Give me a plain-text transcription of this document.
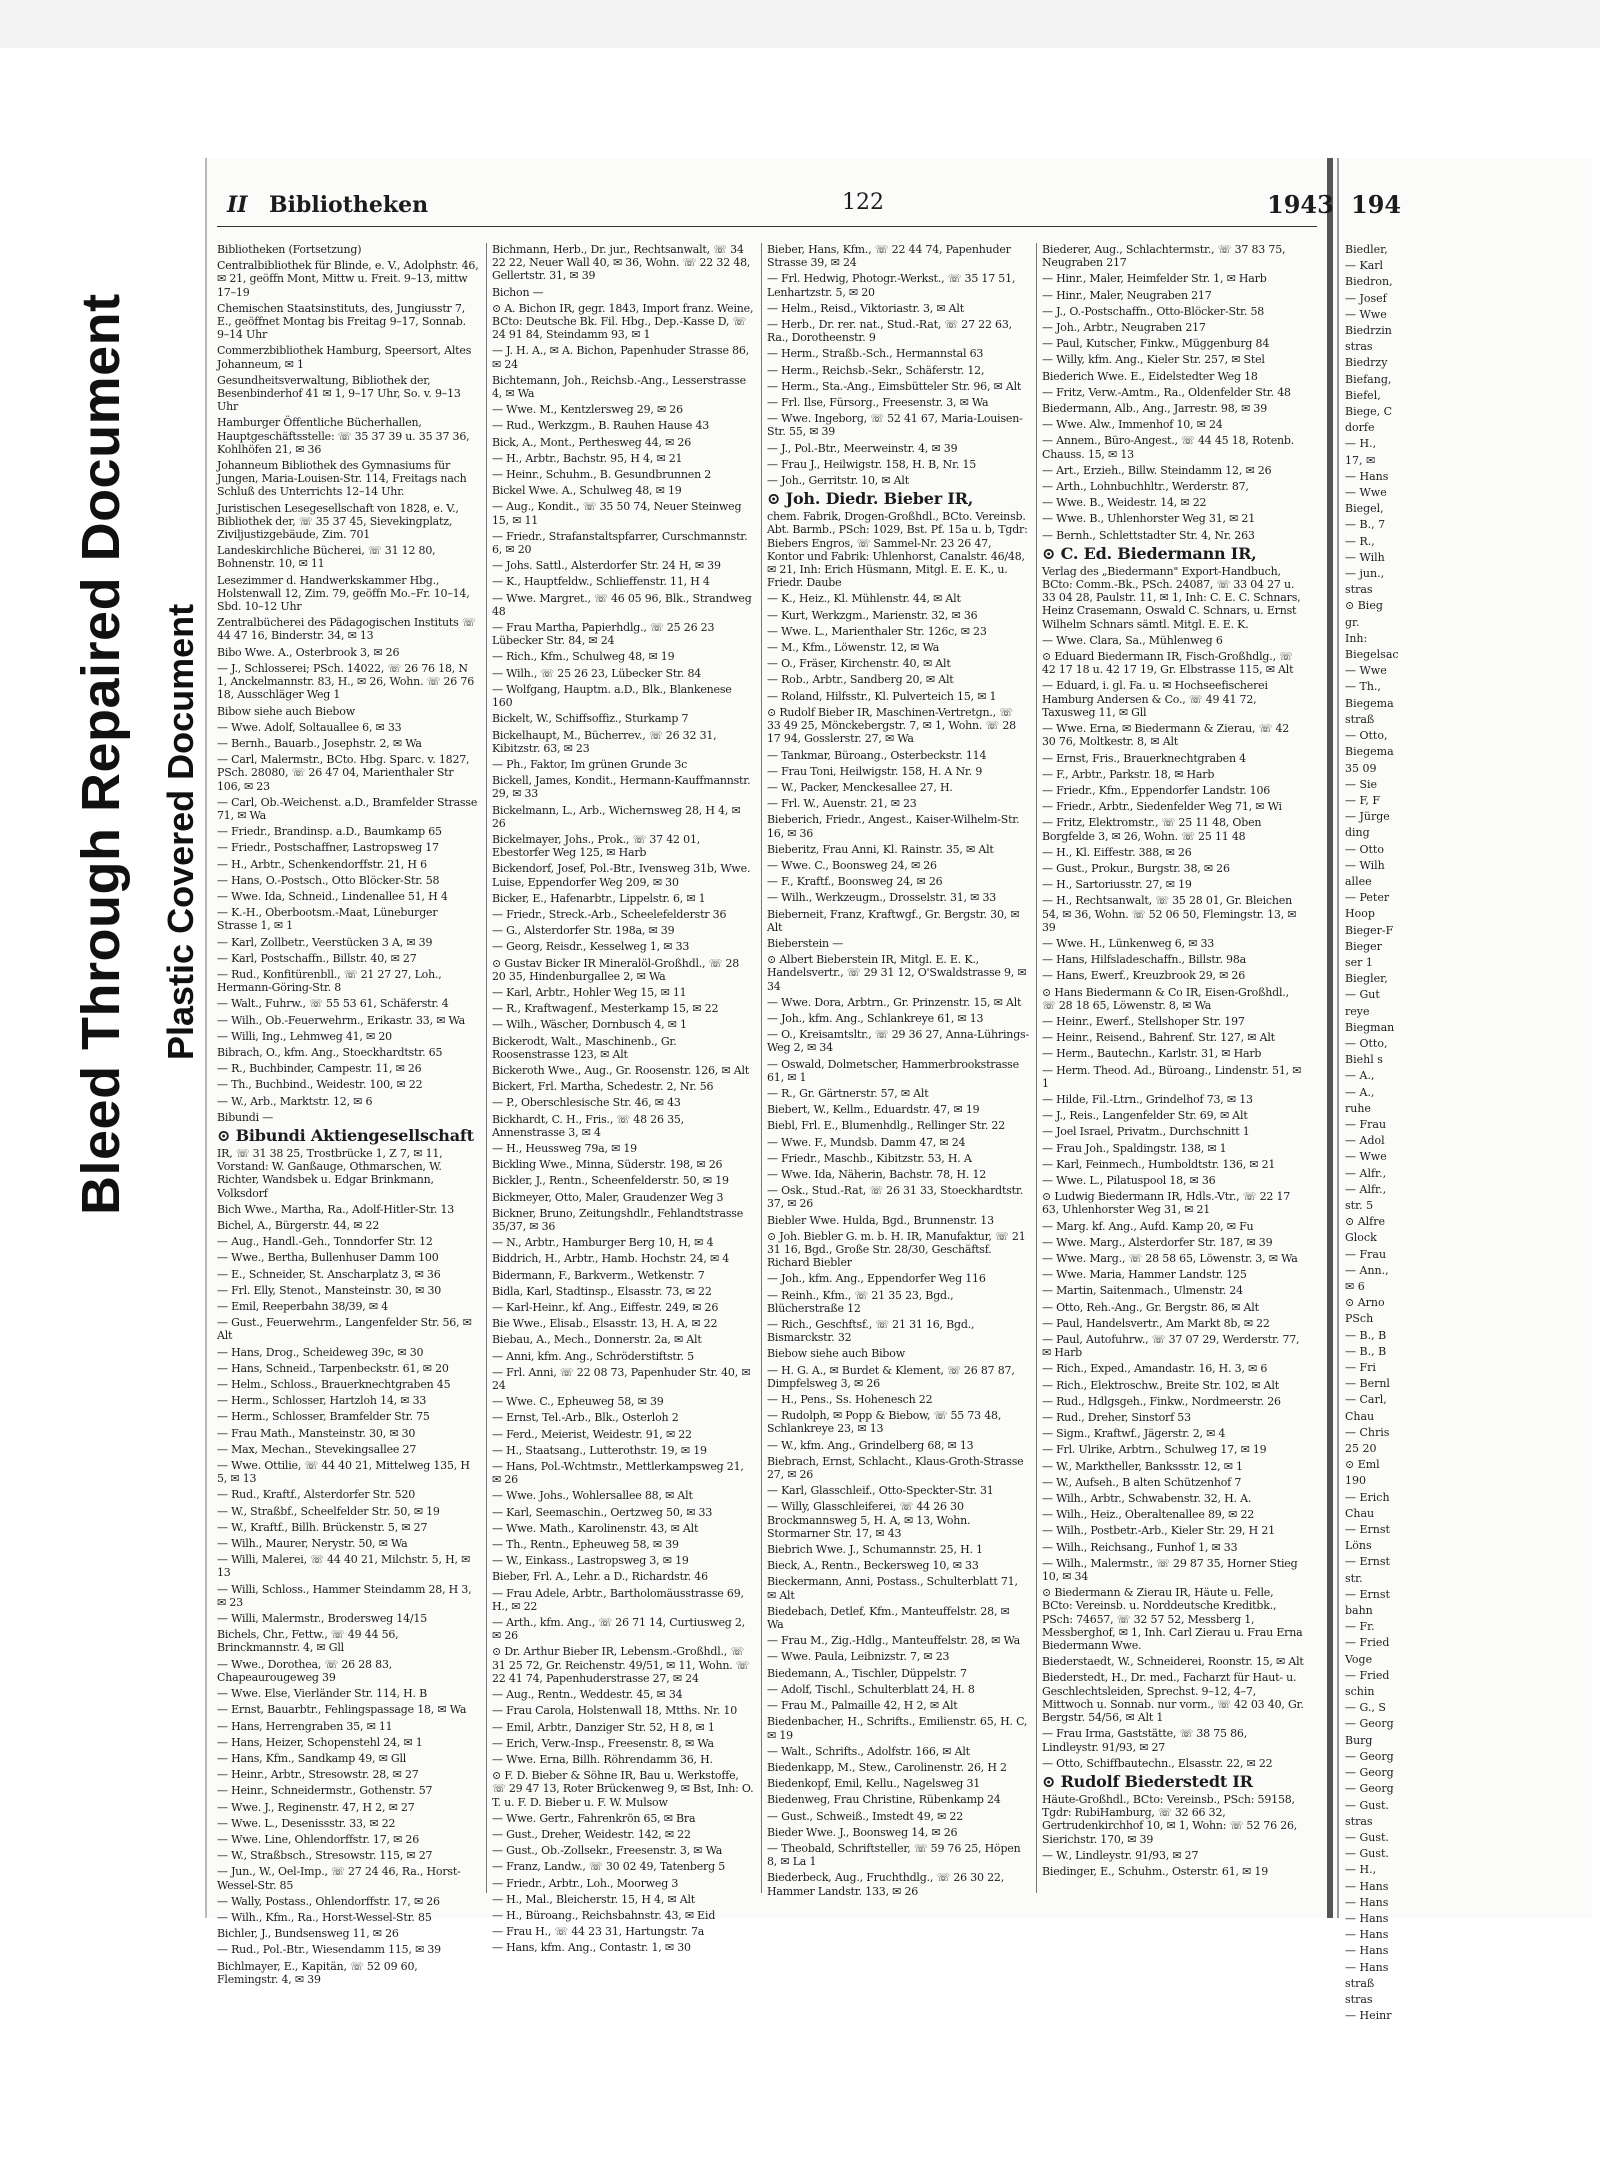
Bleed Through Repaired Document Plastic Covered Document
II Bibliotheken	122	1943
Bibliotheken (Fortsetzung)
Centralbibliothek für Blinde, e. V., Adolphstr. 46, ✉ 21, geöffn Mont, Mittw u. Freit. 9–13, mittw 17–19
Chemischen Staatsinstituts, des, Jungiusstr 7, E., geöffnet Montag bis Freitag 9–17, Sonnab. 9–14 Uhr
Commerzbibliothek Hamburg, Speersort, Altes Johanneum, ✉ 1
Gesundheitsverwaltung, Bibliothek der, Besenbinderhof 41 ✉ 1, 9–17 Uhr, So. v. 9–13 Uhr
Hamburger Öffentliche Bücherhallen, Hauptgeschäftsstelle: ☏ 35 37 39 u. 35 37 36, Kohlhöfen 21, ✉ 36
Johanneum Bibliothek des Gymnasiums für Jungen, Maria-Louisen-Str. 114, Freitags nach Schluß des Unterrichts 12–14 Uhr.
Juristischen Lesegesellschaft von 1828, e. V., Bibliothek der, ☏ 35 37 45, Sievekingplatz, Ziviljustizgebäude, Zim. 701
Landeskirchliche Bücherei, ☏ 31 12 80, Bohnenstr. 10, ✉ 11
Lesezimmer d. Handwerkskammer Hbg., Holstenwall 12, Zim. 79, geöffn Mo.–Fr. 10–14, Sbd. 10–12 Uhr
Zentralbücherei des Pädagogischen Instituts ☏ 44 47 16, Binderstr. 34, ✉ 13
Bibo Wwe. A., Osterbrook 3, ✉ 26
— J., Schlosserei; PSch. 14022, ☏ 26 76 18, N 1, Anckelmannstr. 83, H., ✉ 26, Wohn. ☏ 26 76 18, Ausschläger Weg 1
Bibow siehe auch Biebow
— Wwe. Adolf, Soltauallee 6, ✉ 33
— Bernh., Bauarb., Josephstr. 2, ✉ Wa
— Carl, Malermstr., BCto. Hbg. Sparc. v. 1827, PSch. 28080, ☏ 26 47 04, Marienthaler Str 106, ✉ 23
— Carl, Ob.-Weichenst. a.D., Bramfelder Strasse 71, ✉ Wa
— Friedr., Brandinsp. a.D., Baumkamp 65
— Friedr., Postschaffner, Lastropsweg 17
— H., Arbtr., Schenkendorffstr. 21, H 6
— Hans, O.-Postsch., Otto Blöcker-Str. 58
— Wwe. Ida, Schneid., Lindenallee 51, H 4
— K.-H., Oberbootsm.-Maat, Lüneburger Strasse 1, ✉ 1
— Karl, Zollbetr., Veerstücken 3 A, ✉ 39
— Karl, Postschaffn., Billstr. 40, ✉ 27
— Rud., Konfitürenbll., ☏ 21 27 27, Loh., Hermann-Göring-Str. 8
— Walt., Fuhrw., ☏ 55 53 61, Schäferstr. 4
— Wilh., Ob.-Feuerwehrm., Erikastr. 33, ✉ Wa
— Willi, Ing., Lehmweg 41, ✉ 20
Bibrach, O., kfm. Ang., Stoeckhardtstr. 65
— R., Buchbinder, Campestr. 11, ✉ 26
— Th., Buchbind., Weidestr. 100, ✉ 22
— W., Arb., Marktstr. 12, ✉ 6
Bibundi —
⊙ Bibundi Aktiengesellschaft
IR, ☏ 31 38 25, Trostbrücke 1, Z 7, ✉ 11, Vorstand: W. Ganßauge, Othmarschen, W. Richter, Wandsbek u. Edgar Brinkmann, Volksdorf
Bich Wwe., Martha, Ra., Adolf-Hitler-Str. 13
Bichel, A., Bürgerstr. 44, ✉ 22
— Aug., Handl.-Geh., Tonndorfer Str. 12
— Wwe., Bertha, Bullenhuser Damm 100
— E., Schneider, St. Anscharplatz 3, ✉ 36
— Frl. Elly, Stenot., Mansteinstr. 30, ✉ 30
— Emil, Reeperbahn 38/39, ✉ 4
— Gust., Feuerwehrm., Langenfelder Str. 56, ✉ Alt
— Hans, Drog., Scheideweg 39c, ✉ 30
— Hans, Schneid., Tarpenbeckstr. 61, ✉ 20
— Helm., Schloss., Brauerknechtgraben 45
— Herm., Schlosser, Hartzloh 14, ✉ 33
— Herm., Schlosser, Bramfelder Str. 75
— Frau Math., Mansteinstr. 30, ✉ 30
— Max, Mechan., Stevekingsallee 27
— Wwe. Ottilie, ☏ 44 40 21, Mittelweg 135, H 5, ✉ 13
— Rud., Kraftf., Alsterdorfer Str. 520
— W., Straßbf., Scheelfelder Str. 50, ✉ 19
— W., Kraftf., Billh. Brückenstr. 5, ✉ 27
— Wilh., Maurer, Nerystr. 50, ✉ Wa
— Willi, Malerei, ☏ 44 40 21, Milchstr. 5, H, ✉ 13
— Willi, Schloss., Hammer Steindamm 28, H 3, ✉ 23
— Willi, Malermstr., Brodersweg 14/15
Bichels, Chr., Fettw., ☏ 49 44 56, Brinckmannstr. 4, ✉ Gll
— Wwe., Dorothea, ☏ 26 28 83, Chapeaurougeweg 39
— Wwe. Else, Vierländer Str. 114, H. B
— Ernst, Bauarbtr., Fehlingspassage 18, ✉ Wa
— Hans, Herrengraben 35, ✉ 11
— Hans, Heizer, Schopenstehl 24, ✉ 1
— Hans, Kfm., Sandkamp 49, ✉ Gll
— Heinr., Arbtr., Stresowstr. 28, ✉ 27
— Heinr., Schneidermstr., Gothenstr. 57
— Wwe. J., Reginenstr. 47, H 2, ✉ 27
— Wwe. L., Desenissstr. 33, ✉ 22
— Wwe. Line, Ohlendorffstr. 17, ✉ 26
— W., Straßbsch., Stresowstr. 115, ✉ 27
— Jun., W., Oel-Imp., ☏ 27 24 46, Ra., Horst-Wessel-Str. 85
— Wally, Postass., Ohlendorffstr. 17, ✉ 26
— Wilh., Kfm., Ra., Horst-Wessel-Str. 85
Bichler, J., Bundsensweg 11, ✉ 26
— Rud., Pol.-Btr., Wiesendamm 115, ✉ 39
Bichlmayer, E., Kapitän, ☏ 52 09 60, Flemingstr. 4, ✉ 39
Bichmann, Herb., Dr. jur., Rechtsanwalt, ☏ 34 22 22, Neuer Wall 40, ✉ 36, Wohn. ☏ 22 32 48, Gellertstr. 31, ✉ 39
Bichon —
⊙ A. Bichon IR, gegr. 1843, Import franz. Weine, BCto: Deutsche Bk. Fil. Hbg., Dep.-Kasse D, ☏ 24 91 84, Steindamm 93, ✉ 1
— J. H. A., ✉ A. Bichon, Papenhuder Strasse 86, ✉ 24
Bichtemann, Joh., Reichsb.-Ang., Lesserstrasse 4, ✉ Wa
— Wwe. M., Kentzlersweg 29, ✉ 26
— Rud., Werkzgm., B. Rauhen Hause 43
Bick, A., Mont., Perthesweg 44, ✉ 26
— H., Arbtr., Bachstr. 95, H 4, ✉ 21
— Heinr., Schuhm., B. Gesundbrunnen 2
Bickel Wwe. A., Schulweg 48, ✉ 19
— Aug., Kondit., ☏ 35 50 74, Neuer Steinweg 15, ✉ 11
— Friedr., Strafanstaltspfarrer, Curschmannstr. 6, ✉ 20
— Johs. Sattl., Alsterdorfer Str. 24 H, ✉ 39
— K., Hauptfeldw., Schlieffenstr. 11, H 4
— Wwe. Margret., ☏ 46 05 96, Blk., Strandweg 48
— Frau Martha, Papierhdlg., ☏ 25 26 23 Lübecker Str. 84, ✉ 24
— Rich., Kfm., Schulweg 48, ✉ 19
— Wilh., ☏ 25 26 23, Lübecker Str. 84
— Wolfgang, Hauptm. a.D., Blk., Blankenese 160
Bickelt, W., Schiffsoffiz., Sturkamp 7
Bickelhaupt, M., Bücherrev., ☏ 26 32 31, Kibitzstr. 63, ✉ 23
— Ph., Faktor, Im grünen Grunde 3c
Bickell, James, Kondit., Hermann-Kauffmannstr. 29, ✉ 33
Bickelmann, L., Arb., Wichernsweg 28, H 4, ✉ 26
Bickelmayer, Johs., Prok., ☏ 37 42 01, Ebestorfer Weg 125, ✉ Harb
Bickendorf, Josef, Pol.-Btr., Ivensweg 31b, Wwe. Luise, Eppendorfer Weg 209, ✉ 30
Bicker, E., Hafenarbtr., Lippelstr. 6, ✉ 1
— Friedr., Streck.-Arb., Scheelefelderstr 36
— G., Alsterdorfer Str. 198a, ✉ 39
— Georg, Reisdr., Kesselweg 1, ✉ 33
⊙ Gustav Bicker IR Mineralöl-Großhdl., ☏ 28 20 35, Hindenburgallee 2, ✉ Wa
— Karl, Arbtr., Hohler Weg 15, ✉ 11
— R., Kraftwagenf., Mesterkamp 15, ✉ 22
— Wilh., Wäscher, Dornbusch 4, ✉ 1
Bickerodt, Walt., Maschinenb., Gr. Roosenstrasse 123, ✉ Alt
Bickeroth Wwe., Aug., Gr. Roosenstr. 126, ✉ Alt
Bickert, Frl. Martha, Schedestr. 2, Nr. 56
— P., Oberschlesische Str. 46, ✉ 43
Bickhardt, C. H., Fris., ☏ 48 26 35, Annenstrasse 3, ✉ 4
— H., Heussweg 79a, ✉ 19
Bickling Wwe., Minna, Süderstr. 198, ✉ 26
Bickler, J., Rentn., Scheenfelderstr. 50, ✉ 19
Bickmeyer, Otto, Maler, Graudenzer Weg 3
Bickner, Bruno, Zeitungshdlr., Fehlandtstrasse 35/37, ✉ 36
— N., Arbtr., Hamburger Berg 10, H, ✉ 4
Biddrich, H., Arbtr., Hamb. Hochstr. 24, ✉ 4
Bidermann, F., Barkverm., Wetkenstr. 7
Bidla, Karl, Stadtinsp., Elsasstr. 73, ✉ 22
— Karl-Heinr., kf. Ang., Eiffestr. 249, ✉ 26
Bie Wwe., Elisab., Elsasstr. 13, H. A, ✉ 22
Biebau, A., Mech., Donnerstr. 2a, ✉ Alt
— Anni, kfm. Ang., Schröderstiftstr. 5
— Frl. Anni, ☏ 22 08 73, Papenhuder Str. 40, ✉ 24
— Wwe. C., Epheuweg 58, ✉ 39
— Ernst, Tel.-Arb., Blk., Osterloh 2
— Ferd., Meierist, Weidestr. 91, ✉ 22
— H., Staatsang., Lutterothstr. 19, ✉ 19
— Hans, Pol.-Wchtmstr., Mettlerkampsweg 21, ✉ 26
— Wwe. Johs., Wohlersallee 88, ✉ Alt
— Karl, Seemaschin., Oertzweg 50, ✉ 33
— Wwe. Math., Karolinenstr. 43, ✉ Alt
— Th., Rentn., Epheuweg 58, ✉ 39
— W., Einkass., Lastropsweg 3, ✉ 19
Bieber, Frl. A., Lehr. a D., Richardstr. 46
— Frau Adele, Arbtr., Bartholomäusstrasse 69, H., ✉ 22
— Arth., kfm. Ang., ☏ 26 71 14, Curtiusweg 2, ✉ 26
⊙ Dr. Arthur Bieber IR, Lebensm.-Großhdl., ☏ 31 25 72, Gr. Reichenstr. 49/51, ✉ 11, Wohn. ☏ 22 41 74, Papenhuderstrasse 27, ✉ 24
— Aug., Rentn., Weddestr. 45, ✉ 34
— Frau Carola, Holstenwall 18, Mtths. Nr. 10
— Emil, Arbtr., Danziger Str. 52, H 8, ✉ 1
— Erich, Verw.-Insp., Freesenstr. 8, ✉ Wa
— Wwe. Erna, Billh. Röhrendamm 36, H.
⊙ F. D. Bieber & Söhne IR, Bau u. Werkstoffe, ☏ 29 47 13, Roter Brückenweg 9, ✉ Bst, Inh: O. T. u. F. D. Bieber u. F. W. Mulsow
— Wwe. Gertr., Fahrenkrön 65, ✉ Bra
— Gust., Dreher, Weidestr. 142, ✉ 22
— Gust., Ob.-Zollsekr., Freesenstr. 3, ✉ Wa
— Franz, Landw., ☏ 30 02 49, Tatenberg 5
— Friedr., Arbtr., Loh., Moorweg 3
— H., Mal., Bleicherstr. 15, H 4, ✉ Alt
— H., Büroang., Reichsbahnstr. 43, ✉ Eid
— Frau H., ☏ 44 23 31, Hartungstr. 7a
— Hans, kfm. Ang., Contastr. 1, ✉ 30
Bieber, Hans, Kfm., ☏ 22 44 74, Papenhuder Strasse 39, ✉ 24
— Frl. Hedwig, Photogr.-Werkst., ☏ 35 17 51, Lenhartzstr. 5, ✉ 20
— Helm., Reisd., Viktoriastr. 3, ✉ Alt
— Herb., Dr. rer. nat., Stud.-Rat, ☏ 27 22 63, Ra., Dorotheenstr. 9
— Herm., Straßb.-Sch., Hermannstal 63
— Herm., Reichsb.-Sekr., Schäferstr. 12,
— Herm., Sta.-Ang., Eimsbütteler Str. 96, ✉ Alt
— Frl. Ilse, Fürsorg., Freesenstr. 3, ✉ Wa
— Wwe. Ingeborg, ☏ 52 41 67, Maria-Louisen-Str. 55, ✉ 39
— J., Pol.-Btr., Meerweinstr. 4, ✉ 39
— Frau J., Heilwigstr. 158, H. B, Nr. 15
— Joh., Gerritstr. 10, ✉ Alt
⊙ Joh. Diedr. Bieber IR,
chem. Fabrik, Drogen-Großhdl., BCto. Vereinsb. Abt. Barmb., PSch: 1029, Bst. Pf. 15a u. b, Tgdr: Biebers Engros, ☏ Sammel-Nr. 23 26 47, Kontor und Fabrik: Uhlenhorst, Canalstr. 46/48, ✉ 21, Inh: Erich Hüsmann, Mitgl. E. E. K., u. Friedr. Daube
— K., Heiz., Kl. Mühlenstr. 44, ✉ Alt
— Kurt, Werkzgm., Marienstr. 32, ✉ 36
— Wwe. L., Marienthaler Str. 126c, ✉ 23
— M., Kfm., Löwenstr. 12, ✉ Wa
— O., Fräser, Kirchenstr. 40, ✉ Alt
— Rob., Arbtr., Sandberg 20, ✉ Alt
— Roland, Hilfsstr., Kl. Pulverteich 15, ✉ 1
⊙ Rudolf Bieber IR, Maschinen-Vertretgn., ☏ 33 49 25, Mönckebergstr. 7, ✉ 1, Wohn. ☏ 28 17 94, Gosslerstr. 27, ✉ Wa
— Tankmar, Büroang., Osterbeckstr. 114
— Frau Toni, Heilwigstr. 158, H. A Nr. 9
— W., Packer, Menckesallee 27, H.
— Frl. W., Auenstr. 21, ✉ 23
Bieberich, Friedr., Angest., Kaiser-Wilhelm-Str. 16, ✉ 36
Bieberitz, Frau Anni, Kl. Rainstr. 35, ✉ Alt
— Wwe. C., Boonsweg 24, ✉ 26
— F., Kraftf., Boonsweg 24, ✉ 26
— Wilh., Werkzeugm., Drosselstr. 31, ✉ 33
Bieberneit, Franz, Kraftwgf., Gr. Bergstr. 30, ✉ Alt
Bieberstein —
⊙ Albert Bieberstein IR, Mitgl. E. E. K., Handelsvertr., ☏ 29 31 12, O'Swaldstrasse 9, ✉ 34
— Wwe. Dora, Arbtrn., Gr. Prinzenstr. 15, ✉ Alt
— Joh., kfm. Ang., Schlankreye 61, ✉ 13
— O., Kreisamtsltr., ☏ 29 36 27, Anna-Lührings-Weg 2, ✉ 34
— Oswald, Dolmetscher, Hammerbrookstrasse 61, ✉ 1
— R., Gr. Gärtnerstr. 57, ✉ Alt
Biebert, W., Kellm., Eduardstr. 47, ✉ 19
Biebl, Frl. E., Blumenhdlg., Rellinger Str. 22
— Wwe. F., Mundsb. Damm 47, ✉ 24
— Friedr., Maschb., Kibitzstr. 53, H. A
— Wwe. Ida, Näherin, Bachstr. 78, H. 12
— Osk., Stud.-Rat, ☏ 26 31 33, Stoeckhardtstr. 37, ✉ 26
Biebler Wwe. Hulda, Bgd., Brunnenstr. 13
⊙ Joh. Biebler G. m. b. H. IR, Manufaktur, ☏ 21 31 16, Bgd., Große Str. 28/30, Geschäftsf. Richard Biebler
— Joh., kfm. Ang., Eppendorfer Weg 116
— Reinh., Kfm., ☏ 21 35 23, Bgd., Blücherstraße 12
— Rich., Geschftsf., ☏ 21 31 16, Bgd., Bismarckstr. 32
Biebow siehe auch Bibow
— H. G. A., ✉ Burdet & Klement, ☏ 26 87 87, Dimpfelsweg 3, ✉ 26
— H., Pens., Ss. Hohenesch 22
— Rudolph, ✉ Popp & Biebow, ☏ 55 73 48, Schlankreye 23, ✉ 13
— W., kfm. Ang., Grindelberg 68, ✉ 13
Biebrach, Ernst, Schlacht., Klaus-Groth-Strasse 27, ✉ 26
— Karl, Glasschleif., Otto-Speckter-Str. 31
— Willy, Glasschleiferei, ☏ 44 26 30 Brockmannsweg 5, H. A, ✉ 13, Wohn. Stormarner Str. 17, ✉ 43
Biebrich Wwe. J., Schumannstr. 25, H. 1
Bieck, A., Rentn., Beckersweg 10, ✉ 33
Bieckermann, Anni, Postass., Schulterblatt 71, ✉ Alt
Biedebach, Detlef, Kfm., Manteuffelstr. 28, ✉ Wa
— Frau M., Zig.-Hdlg., Manteuffelstr. 28, ✉ Wa
— Wwe. Paula, Leibnizstr. 7, ✉ 23
Biedemann, A., Tischler, Düppelstr. 7
— Adolf, Tischl., Schulterblatt 24, H. 8
— Frau M., Palmaille 42, H 2, ✉ Alt
Biedenbacher, H., Schrifts., Emilienstr. 65, H. C, ✉ 19
— Walt., Schrifts., Adolfstr. 166, ✉ Alt
Biedenkapp, M., Stew., Carolinenstr. 26, H 2
Biedenkopf, Emil, Kellu., Nagelsweg 31
Biedenweg, Frau Christine, Rübenkamp 24
— Gust., Schweiß., Imstedt 49, ✉ 22
Bieder Wwe. J., Boonsweg 14, ✉ 26
— Theobald, Schriftsteller, ☏ 59 76 25, Höpen 8, ✉ La 1
Biederbeck, Aug., Fruchthdlg., ☏ 26 30 22, Hammer Landstr. 133, ✉ 26
Biederer, Aug., Schlachtermstr., ☏ 37 83 75, Neugraben 217
— Hinr., Maler, Heimfelder Str. 1, ✉ Harb
— Hinr., Maler, Neugraben 217
— J., O.-Postschaffn., Otto-Blöcker-Str. 58
— Joh., Arbtr., Neugraben 217
— Paul, Kutscher, Finkw., Müggenburg 84
— Willy, kfm. Ang., Kieler Str. 257, ✉ Stel
Biederich Wwe. E., Eidelstedter Weg 18
— Fritz, Verw.-Amtm., Ra., Oldenfelder Str. 48
Biedermann, Alb., Ang., Jarrestr. 98, ✉ 39
— Wwe. Alw., Immenhof 10, ✉ 24
— Annem., Büro-Angest., ☏ 44 45 18, Rotenb. Chauss. 15, ✉ 13
— Art., Erzieh., Billw. Steindamm 12, ✉ 26
— Arth., Lohnbuchhltr., Werderstr. 87,
— Wwe. B., Weidestr. 14, ✉ 22
— Wwe. B., Uhlenhorster Weg 31, ✉ 21
— Bernh., Schlettstadter Str. 4, Nr. 263
⊙ C. Ed. Biedermann IR,
Verlag des „Biedermann" Export-Handbuch, BCto: Comm.-Bk., PSch. 24087, ☏ 33 04 27 u. 33 04 28, Paulstr. 11, ✉ 1, Inh: C. E. C. Schnars, Heinz Crasemann, Oswald C. Schnars, u. Ernst Wilhelm Schnars sämtl. Mitgl. E. E. K.
— Wwe. Clara, Sa., Mühlenweg 6
⊙ Eduard Biedermann IR, Fisch-Großhdlg., ☏ 42 17 18 u. 42 17 19, Gr. Elbstrasse 115, ✉ Alt
— Eduard, i. gl. Fa. u. ✉ Hochseefischerei Hamburg Andersen & Co., ☏ 49 41 72, Taxusweg 11, ✉ Gll
— Wwe. Erna, ✉ Biedermann & Zierau, ☏ 42 30 76, Moltkestr. 8, ✉ Alt
— Ernst, Fris., Brauerknechtgraben 4
— F., Arbtr., Parkstr. 18, ✉ Harb
— Friedr., Kfm., Eppendorfer Landstr. 106
— Friedr., Arbtr., Siedenfelder Weg 71, ✉ Wi
— Fritz, Elektromstr., ☏ 25 11 48, Oben Borgfelde 3, ✉ 26, Wohn. ☏ 25 11 48
— H., Kl. Eiffestr. 388, ✉ 26
— Gust., Prokur., Burgstr. 38, ✉ 26
— H., Sartoriusstr. 27, ✉ 19
— H., Rechtsanwalt, ☏ 35 28 01, Gr. Bleichen 54, ✉ 36, Wohn. ☏ 52 06 50, Flemingstr. 13, ✉ 39
— Wwe. H., Lünkenweg 6, ✉ 33
— Hans, Hilfsladeschaffn., Billstr. 98a
— Hans, Ewerf., Kreuzbrook 29, ✉ 26
⊙ Hans Biedermann & Co IR, Eisen-Großhdl., ☏ 28 18 65, Löwenstr. 8, ✉ Wa
— Heinr., Ewerf., Stellshoper Str. 197
— Heinr., Reisend., Bahrenf. Str. 127, ✉ Alt
— Herm., Bautechn., Karlstr. 31, ✉ Harb
— Herm. Theod. Ad., Büroang., Lindenstr. 51, ✉ 1
— Hilde, Fil.-Ltrn., Grindelhof 73, ✉ 13
— J., Reis., Langenfelder Str. 69, ✉ Alt
— Joel Israel, Privatm., Durchschnitt 1
— Frau Joh., Spaldingstr. 138, ✉ 1
— Karl, Feinmech., Humboldtstr. 136, ✉ 21
— Wwe. L., Pilatuspool 18, ✉ 36
⊙ Ludwig Biedermann IR, Hdls.-Vtr., ☏ 22 17 63, Uhlenhorster Weg 31, ✉ 21
— Marg. kf. Ang., Aufd. Kamp 20, ✉ Fu
— Wwe. Marg., Alsterdorfer Str. 187, ✉ 39
— Wwe. Marg., ☏ 28 58 65, Löwenstr. 3, ✉ Wa
— Wwe. Maria, Hammer Landstr. 125
— Martin, Saitenmach., Ulmenstr. 24
— Otto, Reh.-Ang., Gr. Bergstr. 86, ✉ Alt
— Paul, Handelsvertr., Am Markt 8b, ✉ 22
— Paul, Autofuhrw., ☏ 37 07 29, Werderstr. 77, ✉ Harb
— Rich., Exped., Amandastr. 16, H. 3, ✉ 6
— Rich., Elektroschw., Breite Str. 102, ✉ Alt
— Rud., Hdlgsgeh., Finkw., Nordmeerstr. 26
— Rud., Dreher, Sinstorf 53
— Sigm., Kraftwf., Jägerstr. 2, ✉ 4
— Frl. Ulrike, Arbtrn., Schulweg 17, ✉ 19
— W., Marktheller, Bankssstr. 12, ✉ 1
— W., Aufseh., B alten Schützenhof 7
— Wilh., Arbtr., Schwabenstr. 32, H. A.
— Wilh., Heiz., Oberaltenallee 89, ✉ 22
— Wilh., Postbetr.-Arb., Kieler Str. 29, H 21
— Wilh., Reichsang., Funhof 1, ✉ 33
— Wilh., Malermstr., ☏ 29 87 35, Horner Stieg 10, ✉ 34
⊙ Biedermann & Zierau IR, Häute u. Felle, BCto: Vereinsb. u. Norddeutsche Kreditbk., PSch: 74657, ☏ 32 57 52, Messberg 1, Messberghof, ✉ 1, Inh. Carl Zierau u. Frau Erna Biedermann Wwe.
Biederstaedt, W., Schneiderei, Roonstr. 15, ✉ Alt
Biederstedt, H., Dr. med., Facharzt für Haut- u. Geschlechtsleiden, Sprechst. 9–12, 4–7, Mittwoch u. Sonnab. nur vorm., ☏ 42 03 40, Gr. Bergstr. 54/56, ✉ Alt 1
— Frau Irma, Gaststätte, ☏ 38 75 86, Lindleystr. 91/93, ✉ 27
— Otto, Schiffbautechn., Elsasstr. 22, ✉ 22
⊙ Rudolf Biederstedt IR
Häute-Großhdl., BCto: Vereinsb., PSch: 59158, Tgdr: RubiHamburg, ☏ 32 66 32, Gertrudenkirchhof 10, ✉ 1, Wohn: ☏ 52 76 26, Sierichstr. 170, ✉ 39
— W., Lindleystr. 91/93, ✉ 27
Biedinger, E., Schuhm., Osterstr. 61, ✉ 19
194
Biedler,
— Karl
Biedron,
— Josef
— Wwe
Biedrzin
stras
Biedrzy
Biefang,
Biefel,
Biege, C
dorfe
— H.,
17, ✉
— Hans
— Wwe
Biegel,
— B., 7
— R.,
— Wilh
— jun.,
stras
⊙ Bieg
gr.
Inh:
Biegelsac
— Wwe
— Th.,
Biegema
straß
— Otto,
Biegema
35 09
— Sie
— F, F
— Jürge
ding
— Otto
— Wilh
allee
— Peter
Hoop
Bieger-F
Bieger
ser 1
Biegler,
— Gut
reye
Biegman
— Otto,
Biehl s
— A.,
— A.,
ruhe
— Frau
— Adol
— Wwe
— Alfr.,
— Alfr.,
str. 5
⊙ Alfre
Glock
— Frau
— Ann.,
✉ 6
⊙ Arno
PSch
— B., B
— B., B
— Fri
— Bernl
— Carl,
Chau
— Chris
25 20
⊙ Eml
190
— Erich
Chau
— Ernst
Löns
— Ernst
str.
— Ernst
bahn
— Fr.
— Fried
Voge
— Fried
schin
— G., S
— Georg
Burg
— Georg
— Georg
— Georg
— Gust.
stras
— Gust.
— Gust.
— H.,
— Hans
— Hans
— Hans
— Hans
— Hans
— Hans
straß
stras
— Heinr
